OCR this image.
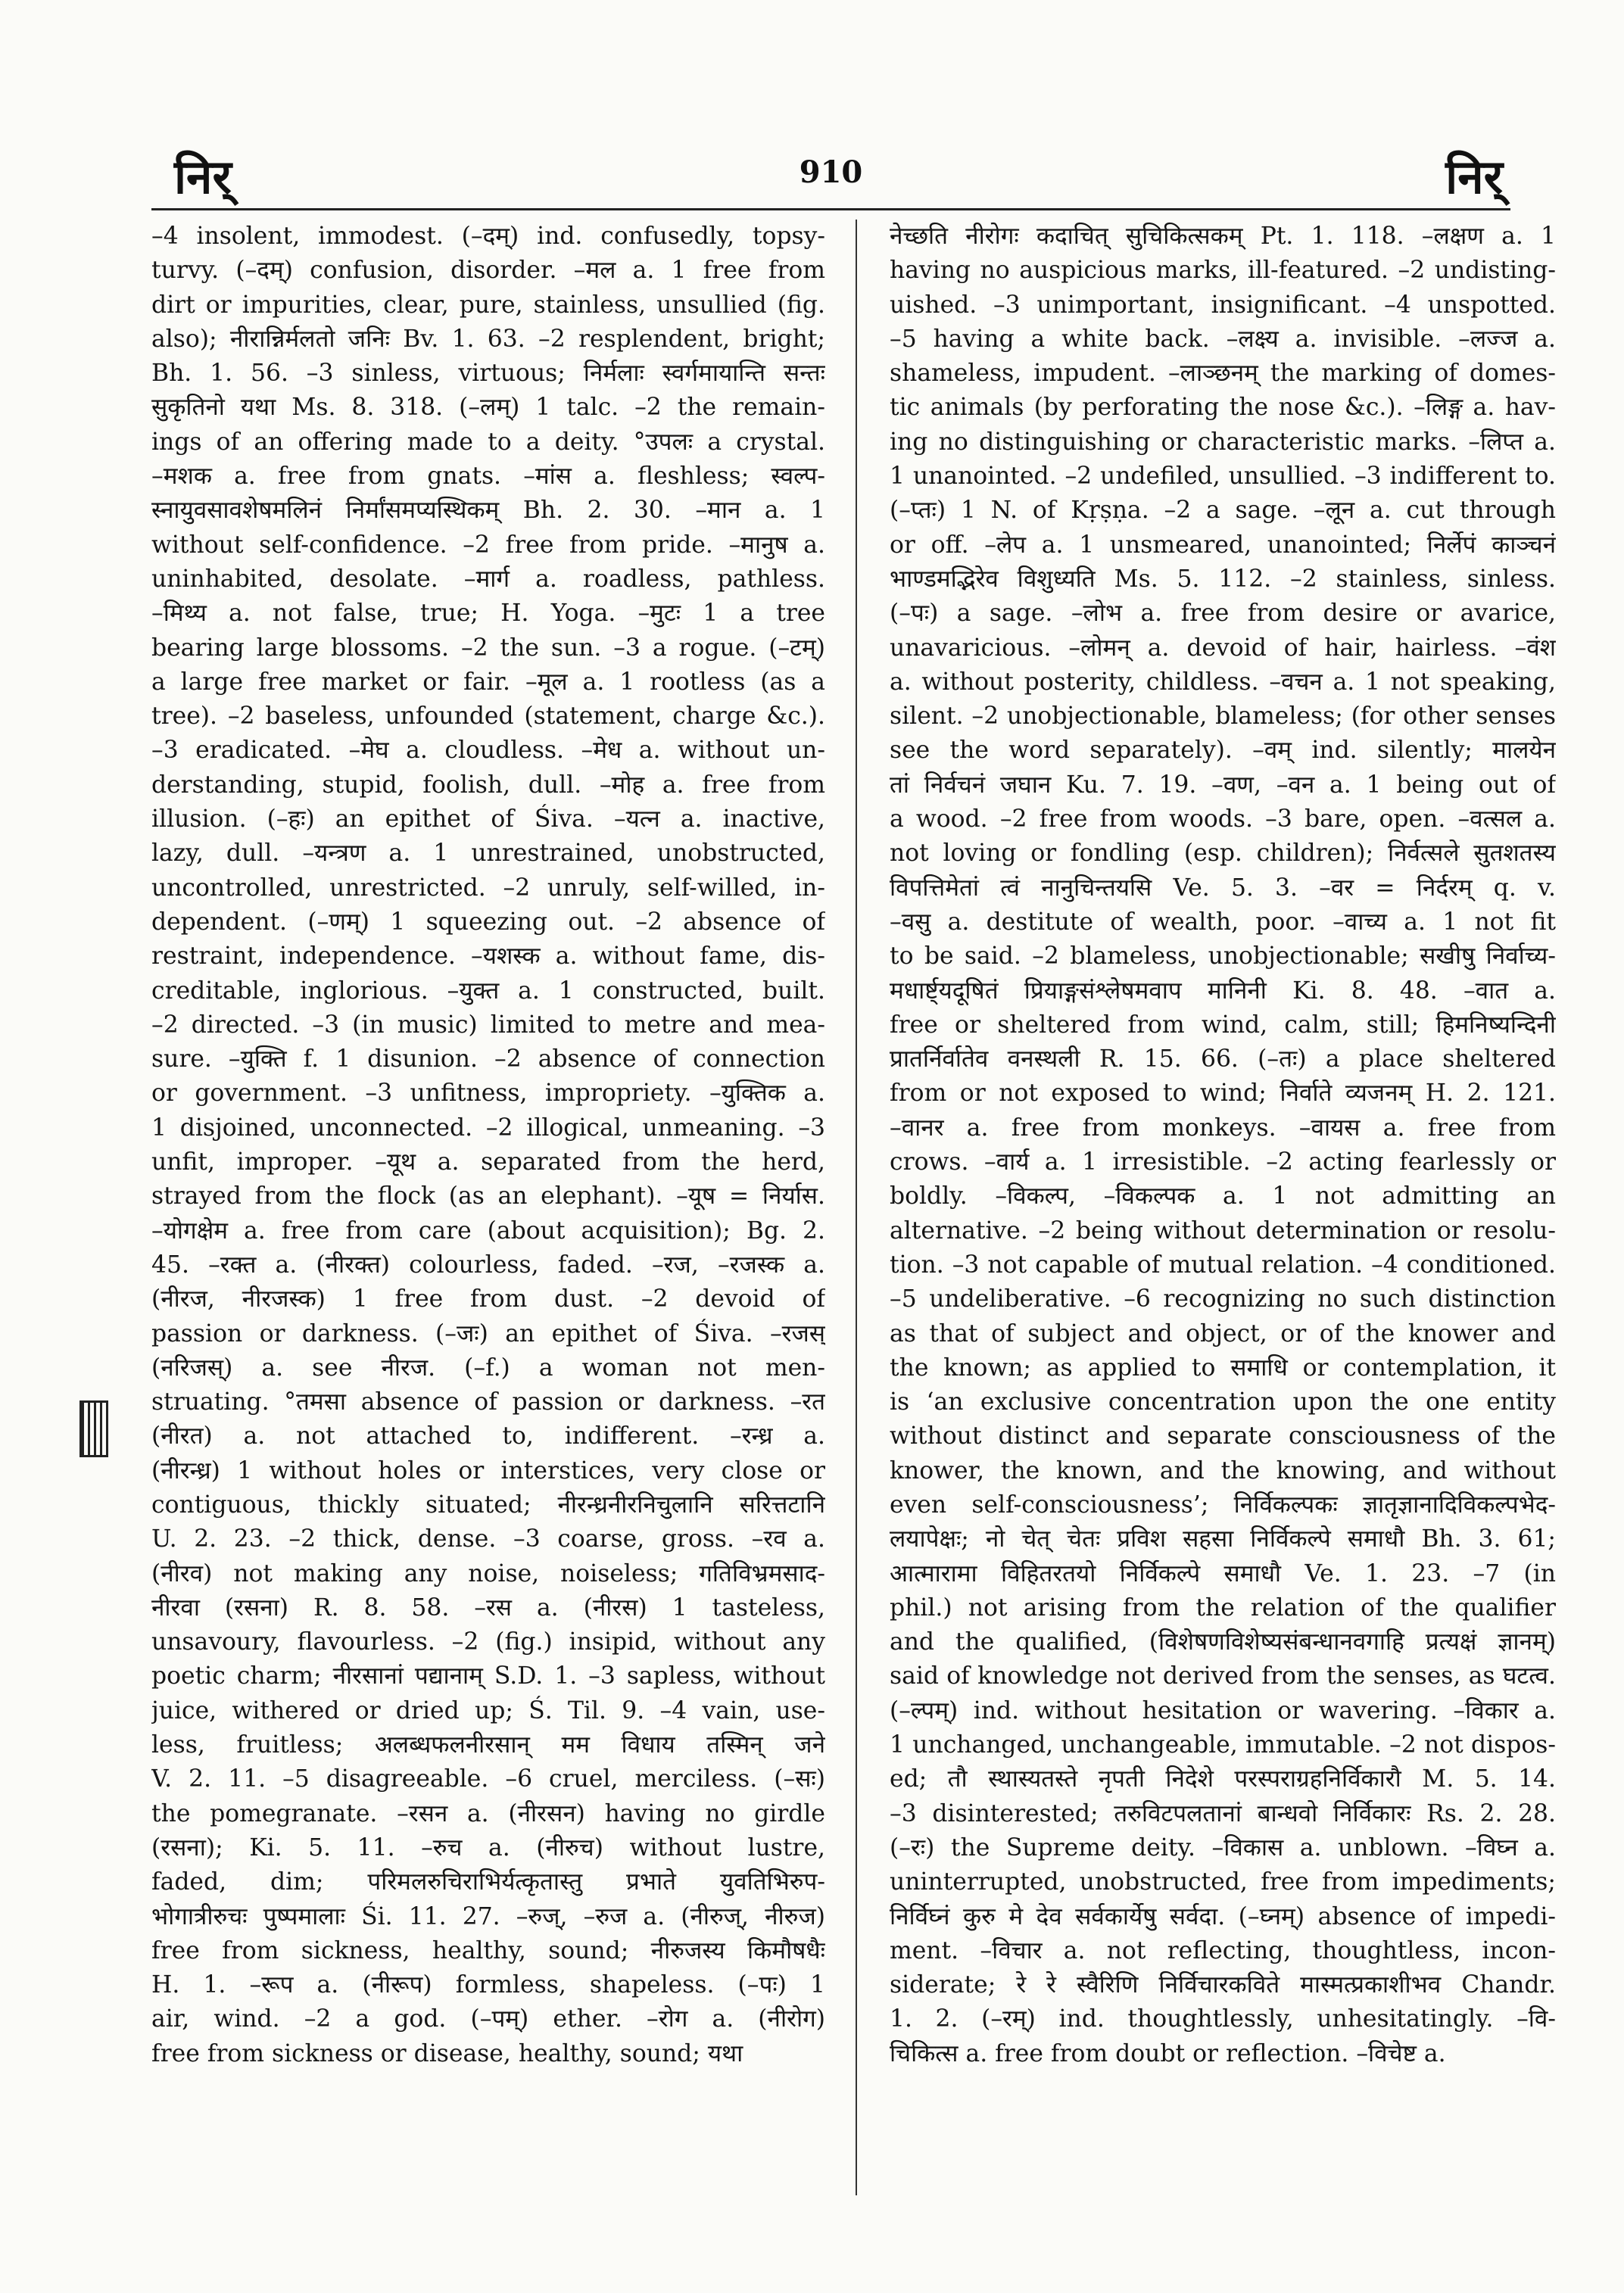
निर्	910	निर्
–4 insolent, immodest. (–दम्) ind. confusedly, topsy-
turvy. (–दम्) confusion, disorder. –मल a. 1 free from
dirt or impurities, clear, pure, stainless, unsullied (fig.
also); नीरान्निर्मलतो जनिः Bv. 1. 63. –2 resplendent, bright;
Bh. 1. 56. –3 sinless, virtuous; निर्मलाः स्वर्गमायान्ति सन्तः
सुकृतिनो यथा Ms. 8. 318. (–लम्) 1 talc. –2 the remain-
ings of an offering made to a deity. °उपलः a crystal.
–मशक a. free from gnats. –मांस a. fleshless; स्वल्प-
स्नायुवसावशेषमलिनं निर्मांसमप्यस्थिकम् Bh. 2. 30. –मान a. 1
without self-confidence. –2 free from pride. –मानुष a.
uninhabited, desolate. –मार्ग a. roadless, pathless.
–मिथ्य a. not false, true; H. Yoga. –मुटः 1 a tree
bearing large blossoms. –2 the sun. –3 a rogue. (–टम्)
a large free market or fair. –मूल a. 1 rootless (as a
tree). –2 baseless, unfounded (statement, charge &c.).
–3 eradicated. –मेघ a. cloudless. –मेध a. without un-
derstanding, stupid, foolish, dull. –मोह a. free from
illusion. (–हः) an epithet of Śiva. –यत्न a. inactive,
lazy, dull. –यन्त्रण a. 1 unrestrained, unobstructed,
uncontrolled, unrestricted. –2 unruly, self-willed, in-
dependent. (–णम्) 1 squeezing out. –2 absence of
restraint, independence. –यशस्क a. without fame, dis-
creditable, inglorious. –युक्त a. 1 constructed, built.
–2 directed. –3 (in music) limited to metre and mea-
sure. –युक्ति f. 1 disunion. –2 absence of connection
or government. –3 unfitness, impropriety. –युक्तिक a.
1 disjoined, unconnected. –2 illogical, unmeaning. –3
unfit, improper. –यूथ a. separated from the herd,
strayed from the flock (as an elephant). –यूष = निर्यास.
–योगक्षेम a. free from care (about acquisition); Bg. 2.
45. –रक्त a. (नीरक्त) colourless, faded. –रज, –रजस्क a.
(नीरज, नीरजस्क) 1 free from dust. –2 devoid of
passion or darkness. (–जः) an epithet of Śiva. –रजस्
(नरिजस्) a. see नीरज. (–f.) a woman not men-
struating. °तमसा absence of passion or darkness. –रत
(नीरत) a. not attached to, indifferent. –रन्ध्र a.
(नीरन्ध्र) 1 without holes or interstices, very close or
contiguous, thickly situated; नीरन्ध्रनीरनिचुलानि सरित्तटानि
U. 2. 23. –2 thick, dense. –3 coarse, gross. –रव a.
(नीरव) not making any noise, noiseless; गतिविभ्रमसाद-
नीरवा (रसना) R. 8. 58. –रस a. (नीरस) 1 tasteless,
unsavoury, flavourless. –2 (fig.) insipid, without any
poetic charm; नीरसानां पद्यानाम् S.D. 1. –3 sapless, without
juice, withered or dried up; Ś. Til. 9. –4 vain, use-
less, fruitless; अलब्धफलनीरसान् मम विधाय तस्मिन् जने
V. 2. 11. –5 disagreeable. –6 cruel, merciless. (–सः)
the pomegranate. –रसन a. (नीरसन) having no girdle
(रसना); Ki. 5. 11. –रुच a. (नीरुच) without lustre,
faded, dim; परिमलरुचिराभिर्यत्कृतास्तु प्रभाते युवतिभिरुप-
भोगात्रीरुचः पुष्पमालाः Śi. 11. 27. –रुज्, –रुज a. (नीरुज्, नीरुज)
free from sickness, healthy, sound; नीरुजस्य किमौषधैः
H. 1. –रूप a. (नीरूप) formless, shapeless. (–पः) 1
air, wind. –2 a god. (–पम्) ether. –रोग a. (नीरोग)
free from sickness or disease, healthy, sound; यथा
नेच्छति नीरोगः कदाचित् सुचिकित्सकम् Pt. 1. 118. –लक्षण a. 1
having no auspicious marks, ill-featured. –2 undisting-
uished. –3 unimportant, insignificant. –4 unspotted.
–5 having a white back. –लक्ष्य a. invisible. –लज्ज a.
shameless, impudent. –लाञ्छनम् the marking of domes-
tic animals (by perforating the nose &c.). –लिङ्ग a. hav-
ing no distinguishing or characteristic marks. –लिप्त a.
1 unanointed. –2 undefiled, unsullied. –3 indifferent to.
(–प्तः) 1 N. of Kṛṣṇa. –2 a sage. –लून a. cut through
or off. –लेप a. 1 unsmeared, unanointed; निर्लेपं काञ्चनं
भाण्डमद्भिरेव विशुध्यति Ms. 5. 112. –2 stainless, sinless.
(–पः) a sage. –लोभ a. free from desire or avarice,
unavaricious. –लोमन् a. devoid of hair, hairless. –वंश
a. without posterity, childless. –वचन a. 1 not speaking,
silent. –2 unobjectionable, blameless; (for other senses
see the word separately). –वम् ind. silently; मालयेन
तां निर्वचनं जघान Ku. 7. 19. –वण, –वन a. 1 being out of
a wood. –2 free from woods. –3 bare, open. –वत्सल a.
not loving or fondling (esp. children); निर्वत्सले सुतशतस्य
विपत्तिमेतां त्वं नानुचिन्तयसि Ve. 5. 3. –वर = निर्दरम् q. v.
–वसु a. destitute of wealth, poor. –वाच्य a. 1 not fit
to be said. –2 blameless, unobjectionable; सखीषु निर्वाच्य-
मधार्ष्ट्यदूषितं प्रियाङ्गसंश्लेषमवाप मानिनी Ki. 8. 48. –वात a.
free or sheltered from wind, calm, still; हिमनिष्यन्दिनी
प्रातर्निर्वातेव वनस्थली R. 15. 66. (–तः) a place sheltered
from or not exposed to wind; निर्वाते व्यजनम् H. 2. 121.
–वानर a. free from monkeys. –वायस a. free from
crows. –वार्य a. 1 irresistible. –2 acting fearlessly or
boldly. –विकल्प, –विकल्पक a. 1 not admitting an
alternative. –2 being without determination or resolu-
tion. –3 not capable of mutual relation. –4 conditioned.
–5 undeliberative. –6 recognizing no such distinction
as that of subject and object, or of the knower and
the known; as applied to समाधि or contemplation, it
is ‘an exclusive concentration upon the one entity
without distinct and separate consciousness of the
knower, the known, and the knowing, and without
even self-consciousness’; निर्विकल्पकः ज्ञातृज्ञानादिविकल्पभेद-
लयापेक्षः; नो चेत् चेतः प्रविश सहसा निर्विकल्पे समाधौ Bh. 3. 61;
आत्मारामा विहितरतयो निर्विकल्पे समाधौ Ve. 1. 23. –7 (in
phil.) not arising from the relation of the qualifier
and the qualified, (विशेषणविशेष्यसंबन्धानवगाहि प्रत्यक्षं ज्ञानम्)
said of knowledge not derived from the senses, as घटत्व.
(–ल्पम्) ind. without hesitation or wavering. –विकार a.
1 unchanged, unchangeable, immutable. –2 not dispos-
ed; तौ स्थास्यतस्ते नृपती निदेशे परस्पराग्रहनिर्विकारौ M. 5. 14.
–3 disinterested; तरुविटपलतानां बान्धवो निर्विकारः Rs. 2. 28.
(–रः) the Supreme deity. –विकास a. unblown. –विघ्न a.
uninterrupted, unobstructed, free from impediments;
निर्विघ्नं कुरु मे देव सर्वकार्येषु सर्वदा. (–घ्नम्) absence of impedi-
ment. –विचार a. not reflecting, thoughtless, incon-
siderate; रे रे स्वैरिणि निर्विचारकविते मास्मत्प्रकाशीभव Chandr.
1. 2. (–रम्) ind. thoughtlessly, unhesitatingly. –वि-
चिकित्स a. free from doubt or reflection. –विचेष्ट a.
